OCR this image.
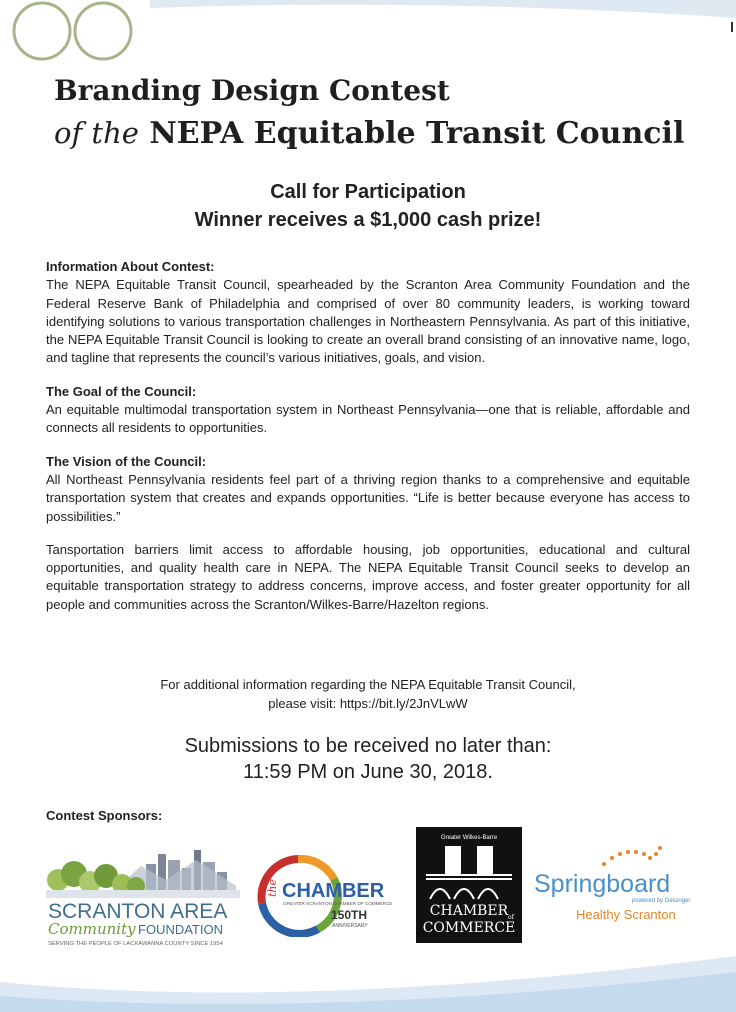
Branding Design Contest
of the NEPA Equitable Transit Council
Call for Participation
Winner receives a $1,000 cash prize!
Information About Contest:

The NEPA Equitable Transit Council, spearheaded by the Scranton Area Community Foundation and the Federal Reserve Bank of Philadelphia and comprised of over 80 community leaders, is working toward identifying solutions to various transportation challenges in Northeastern Pennsylvania. As part of this initiative, the NEPA Equitable Transit Council is looking to create an overall brand consisting of an innovative name, logo, and tagline that represents the council’s various initiatives, goals, and vision.

The Goal of the Council:

An equitable multimodal transportation system in Northeast Pennsylvania—one that is reliable, affordable and connects all residents to opportunities.

The Vision of the Council:

All Northeast Pennsylvania residents feel part of a thriving region thanks to a comprehensive and equitable transportation system that creates and expands opportunities. “Life is better because everyone has access to possibilities.”

Tansportation barriers limit access to affordable housing, job opportunities, educational and cultural opportunities, and quality health care in NEPA. The NEPA Equitable Transit Council seeks to develop an equitable transportation strategy to address concerns, improve access, and foster greater opportunity for all people and communities across the Scranton/Wilkes-Barre/Hazelton regions.

For additional information regarding the NEPA Equitable Transit Council,
please visit: https://bit.ly/2JnVLwW
Submissions to be received no later than:
11:59 PM on June 30, 2018.
Contest Sponsors:
SCRANTON AREA
Community FOUNDATION
SERVING THE PEOPLE OF LACKAWANNA COUNTY SINCE 1954
the CHAMBER
GREATER SCRANTON CHAMBER OF COMMERCE
150TH
ANNIVERSARY
Greater Wilkes-Barre
CHAMBER of
COMMERCE
Springboard
powered by Geisinger
Healthy Scranton
